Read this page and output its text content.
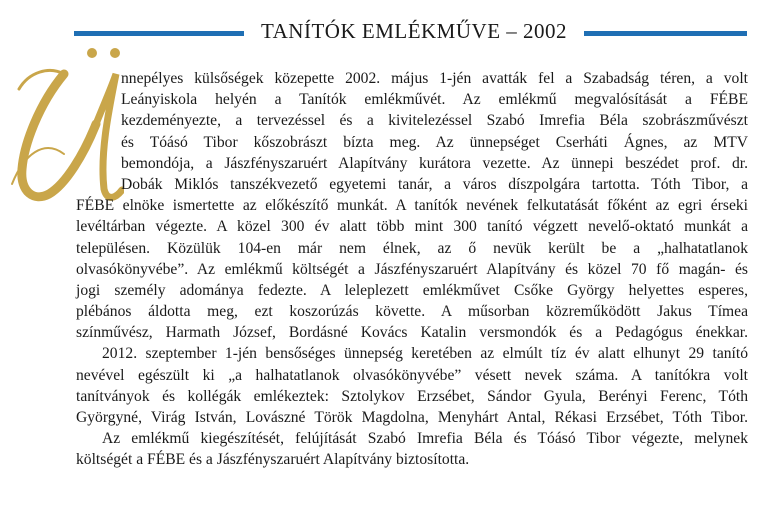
TANÍTÓK EMLÉKMŰVE – 2002
nnepélyes külsőségek közepette 2002. május 1-jén avatták fel a Szabadság téren, a volt
Leányiskola helyén a Tanítók emlékművét. Az emlékmű megvalósítását a FÉBE
kezdeményezte, a tervezéssel és a kivitelezéssel Szabó Imrefia Béla szobrászművészt
és Tóásó Tibor kőszobrászt bízta meg. Az ünnepséget Cserháti Ágnes, az MTV
bemondója, a Jászfényszaruért Alapítvány kurátora vezette. Az ünnepi beszédet prof. dr.
Dobák Miklós tanszékvezető egyetemi tanár, a város díszpolgára tartotta. Tóth Tibor, a
FÉBE elnöke ismertette az előkészítő munkát. A tanítók nevének felkutatását főként az egri érseki
levéltárban végezte. A közel 300 év alatt több mint 300 tanító végzett nevelő-oktató munkát a
településen. Közülük 104-en már nem élnek, az ő nevük került be a „halhatatlanok
olvasókönyvébe”. Az emlékmű költségét a Jászfényszaruért Alapítvány és közel 70 fő magán- és
jogi személy adománya fedezte. A leleplezett emlékművet Csőke György helyettes esperes,
plébános áldotta meg, ezt koszorúzás követte. A műsorban közreműködött Jakus Tímea
színművész, Harmath József, Bordásné Kovács Katalin versmondók és a Pedagógus énekkar.
2012. szeptember 1-jén bensőséges ünnepség keretében az elmúlt tíz év alatt elhunyt 29 tanító
nevével egészült ki „a halhatatlanok olvasókönyvébe” vésett nevek száma. A tanítókra volt
tanítványok és kollégák emlékeztek: Sztolykov Erzsébet, Sándor Gyula, Berényi Ferenc, Tóth
Györgyné, Virág István, Lovászné Török Magdolna, Menyhárt Antal, Rékasi Erzsébet, Tóth Tibor.
Az emlékmű kiegészítését, felújítását Szabó Imrefia Béla és Tóásó Tibor végezte, melynek
költségét a FÉBE és a Jászfényszaruért Alapítvány biztosította.
